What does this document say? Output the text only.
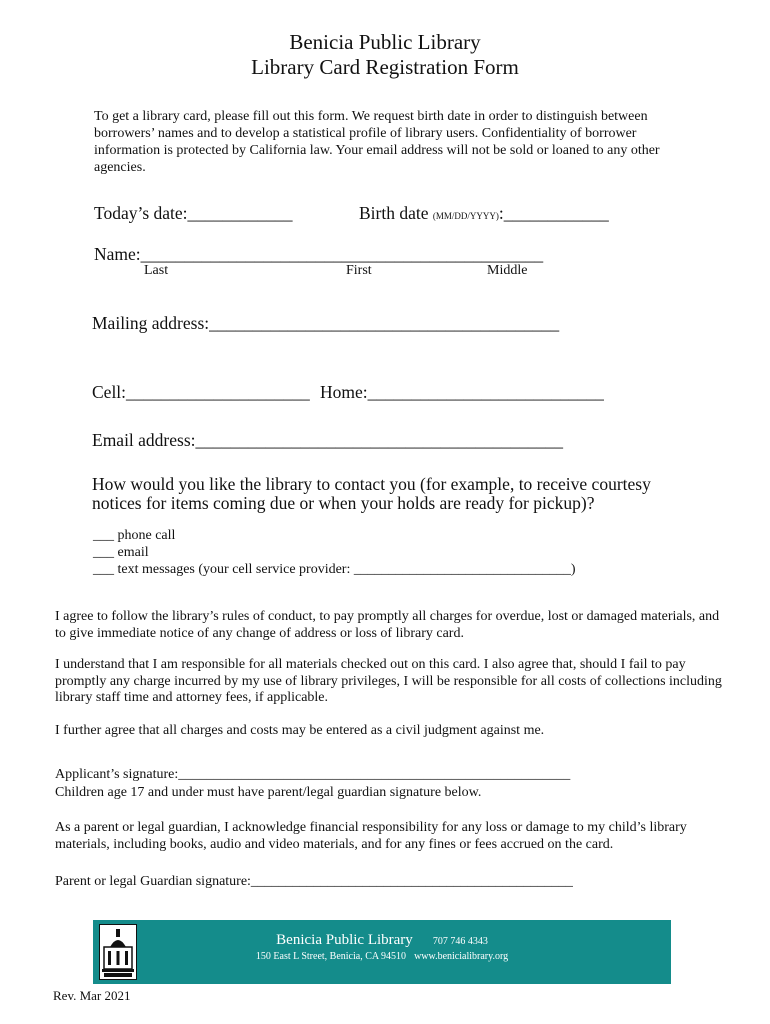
Benicia Public Library
Library Card Registration Form
To get a library card, please fill out this form. We request birth date in order to distinguish between borrowers’ names and to develop a statistical profile of library users. Confidentiality of borrower information is protected by California law. Your email address will not be sold or loaned to any other agencies.
Today’s date:____________	Birth date (MM/DD/YYYY):____________
Name:______________________________________________
Last	First	Middle
Mailing address:________________________________________
Cell:_____________________ Home:___________________________
Email address:__________________________________________
How would you like the library to contact you (for example, to receive courtesy
notices for items coming due or when your holds are ready for pickup)?
___ phone call
___ email
___ text messages (your cell service provider: _______________________________)
I agree to follow the library’s rules of conduct, to pay promptly all charges for overdue, lost or damaged materials, and to give immediate notice of any change of address or loss of library card.
I understand that I am responsible for all materials checked out on this card. I also agree that, should I fail to pay promptly any charge incurred by my use of library privileges, I will be responsible for all costs of collections including library staff time and attorney fees, if applicable.
I further agree that all charges and costs may be entered as a civil judgment against me.
Applicant’s signature:________________________________________________________
Children age 17 and under must have parent/legal guardian signature below.
As a parent or legal guardian, I acknowledge financial responsibility for any loss or damage to my child’s library materials, including books, audio and video materials, and for any fines or fees accrued on the card.
Parent or legal Guardian signature:______________________________________________
Benicia Public Library 707 746 4343
150 East L Street, Benicia, CA 94510 www.benicialibrary.org
Rev. Mar 2021
